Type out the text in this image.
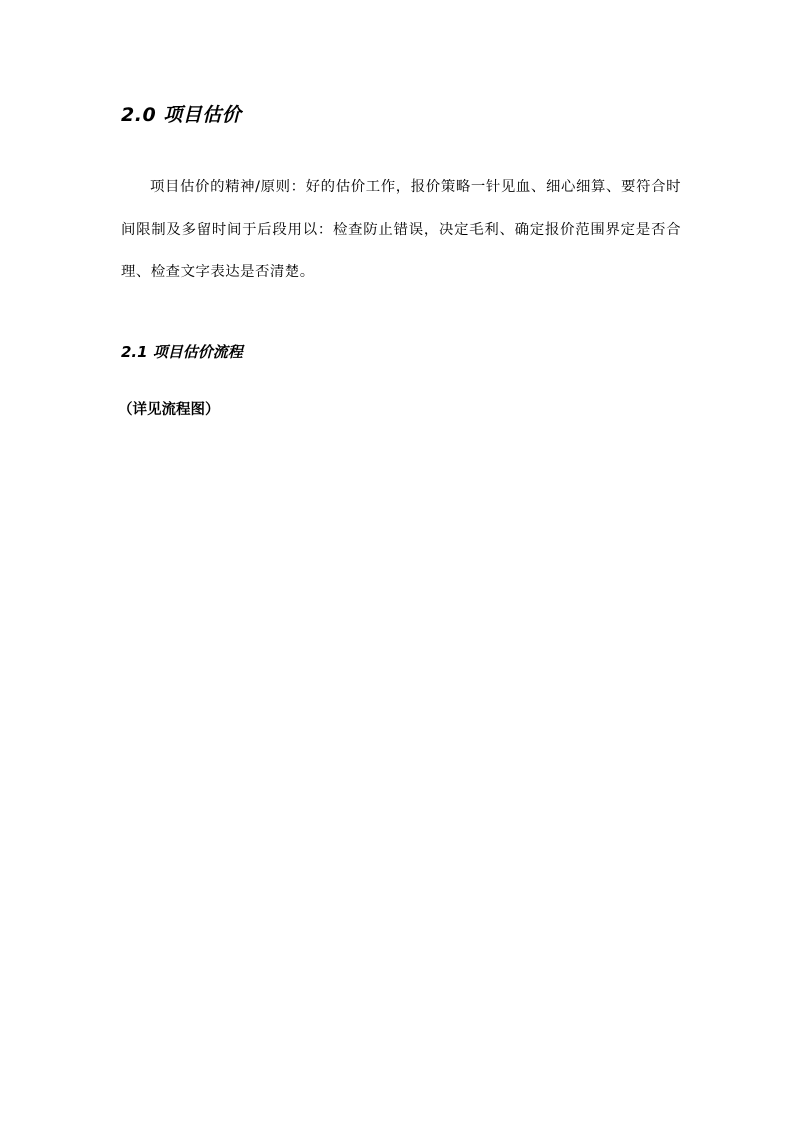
2.0 项目估价
项目估价的精神/原则：好的估价工作，报价策略一针见血、细心细算、要符合时间限制及多留时间于后段用以：检查防止错误，决定毛利、确定报价范围界定是否合理、检查文字表达是否清楚。
2.1 项目估价流程
（详见流程图）
